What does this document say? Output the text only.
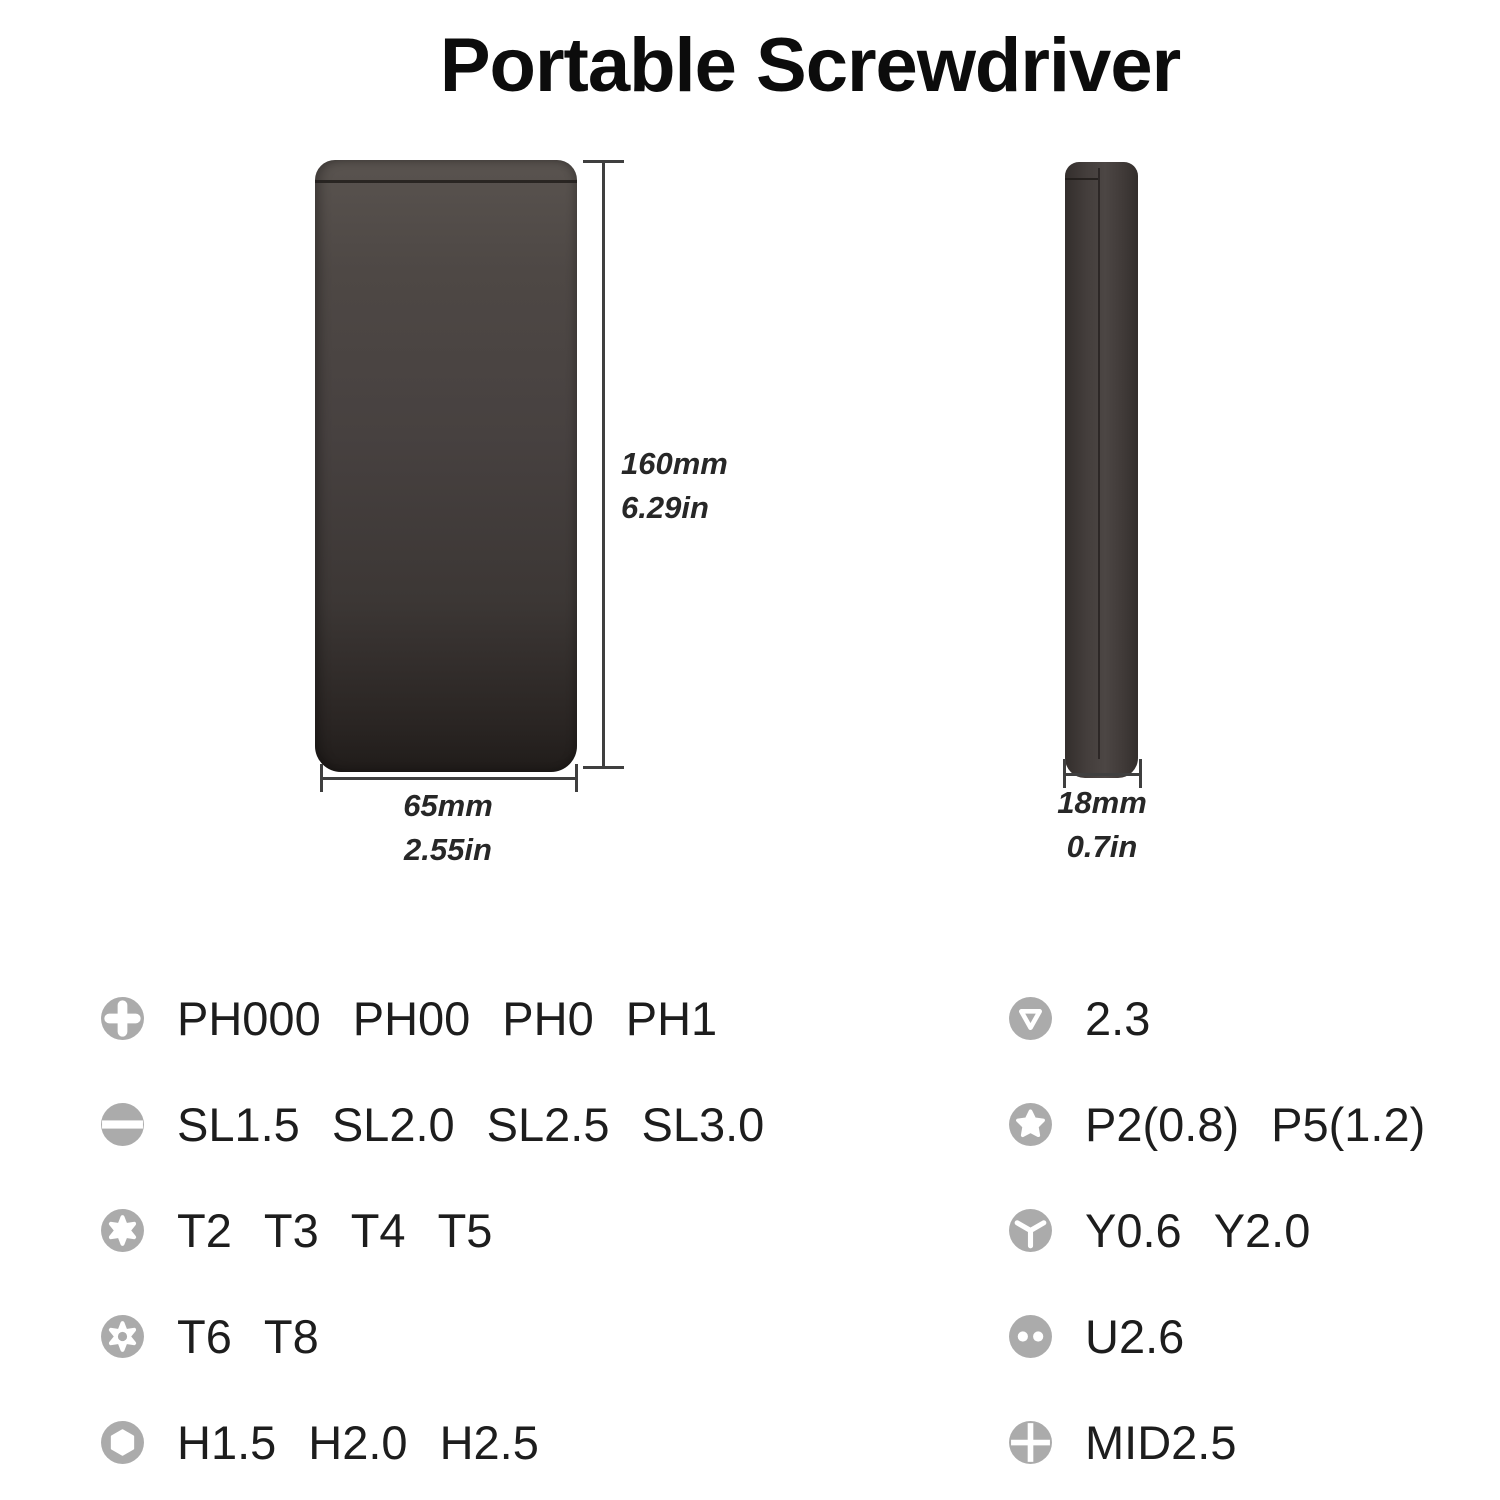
Portable Screwdriver
160mm
6.29in
65mm
2.55in
18mm
0.7in
PH000 PH00 PH0 PH1
SL1.5 SL2.0 SL2.5 SL3.0
T2 T3 T4 T5
T6 T8
H1.5 H2.0 H2.5
2.3
P2(0.8) P5(1.2)
Y0.6 Y2.0
U2.6
MID2.5
